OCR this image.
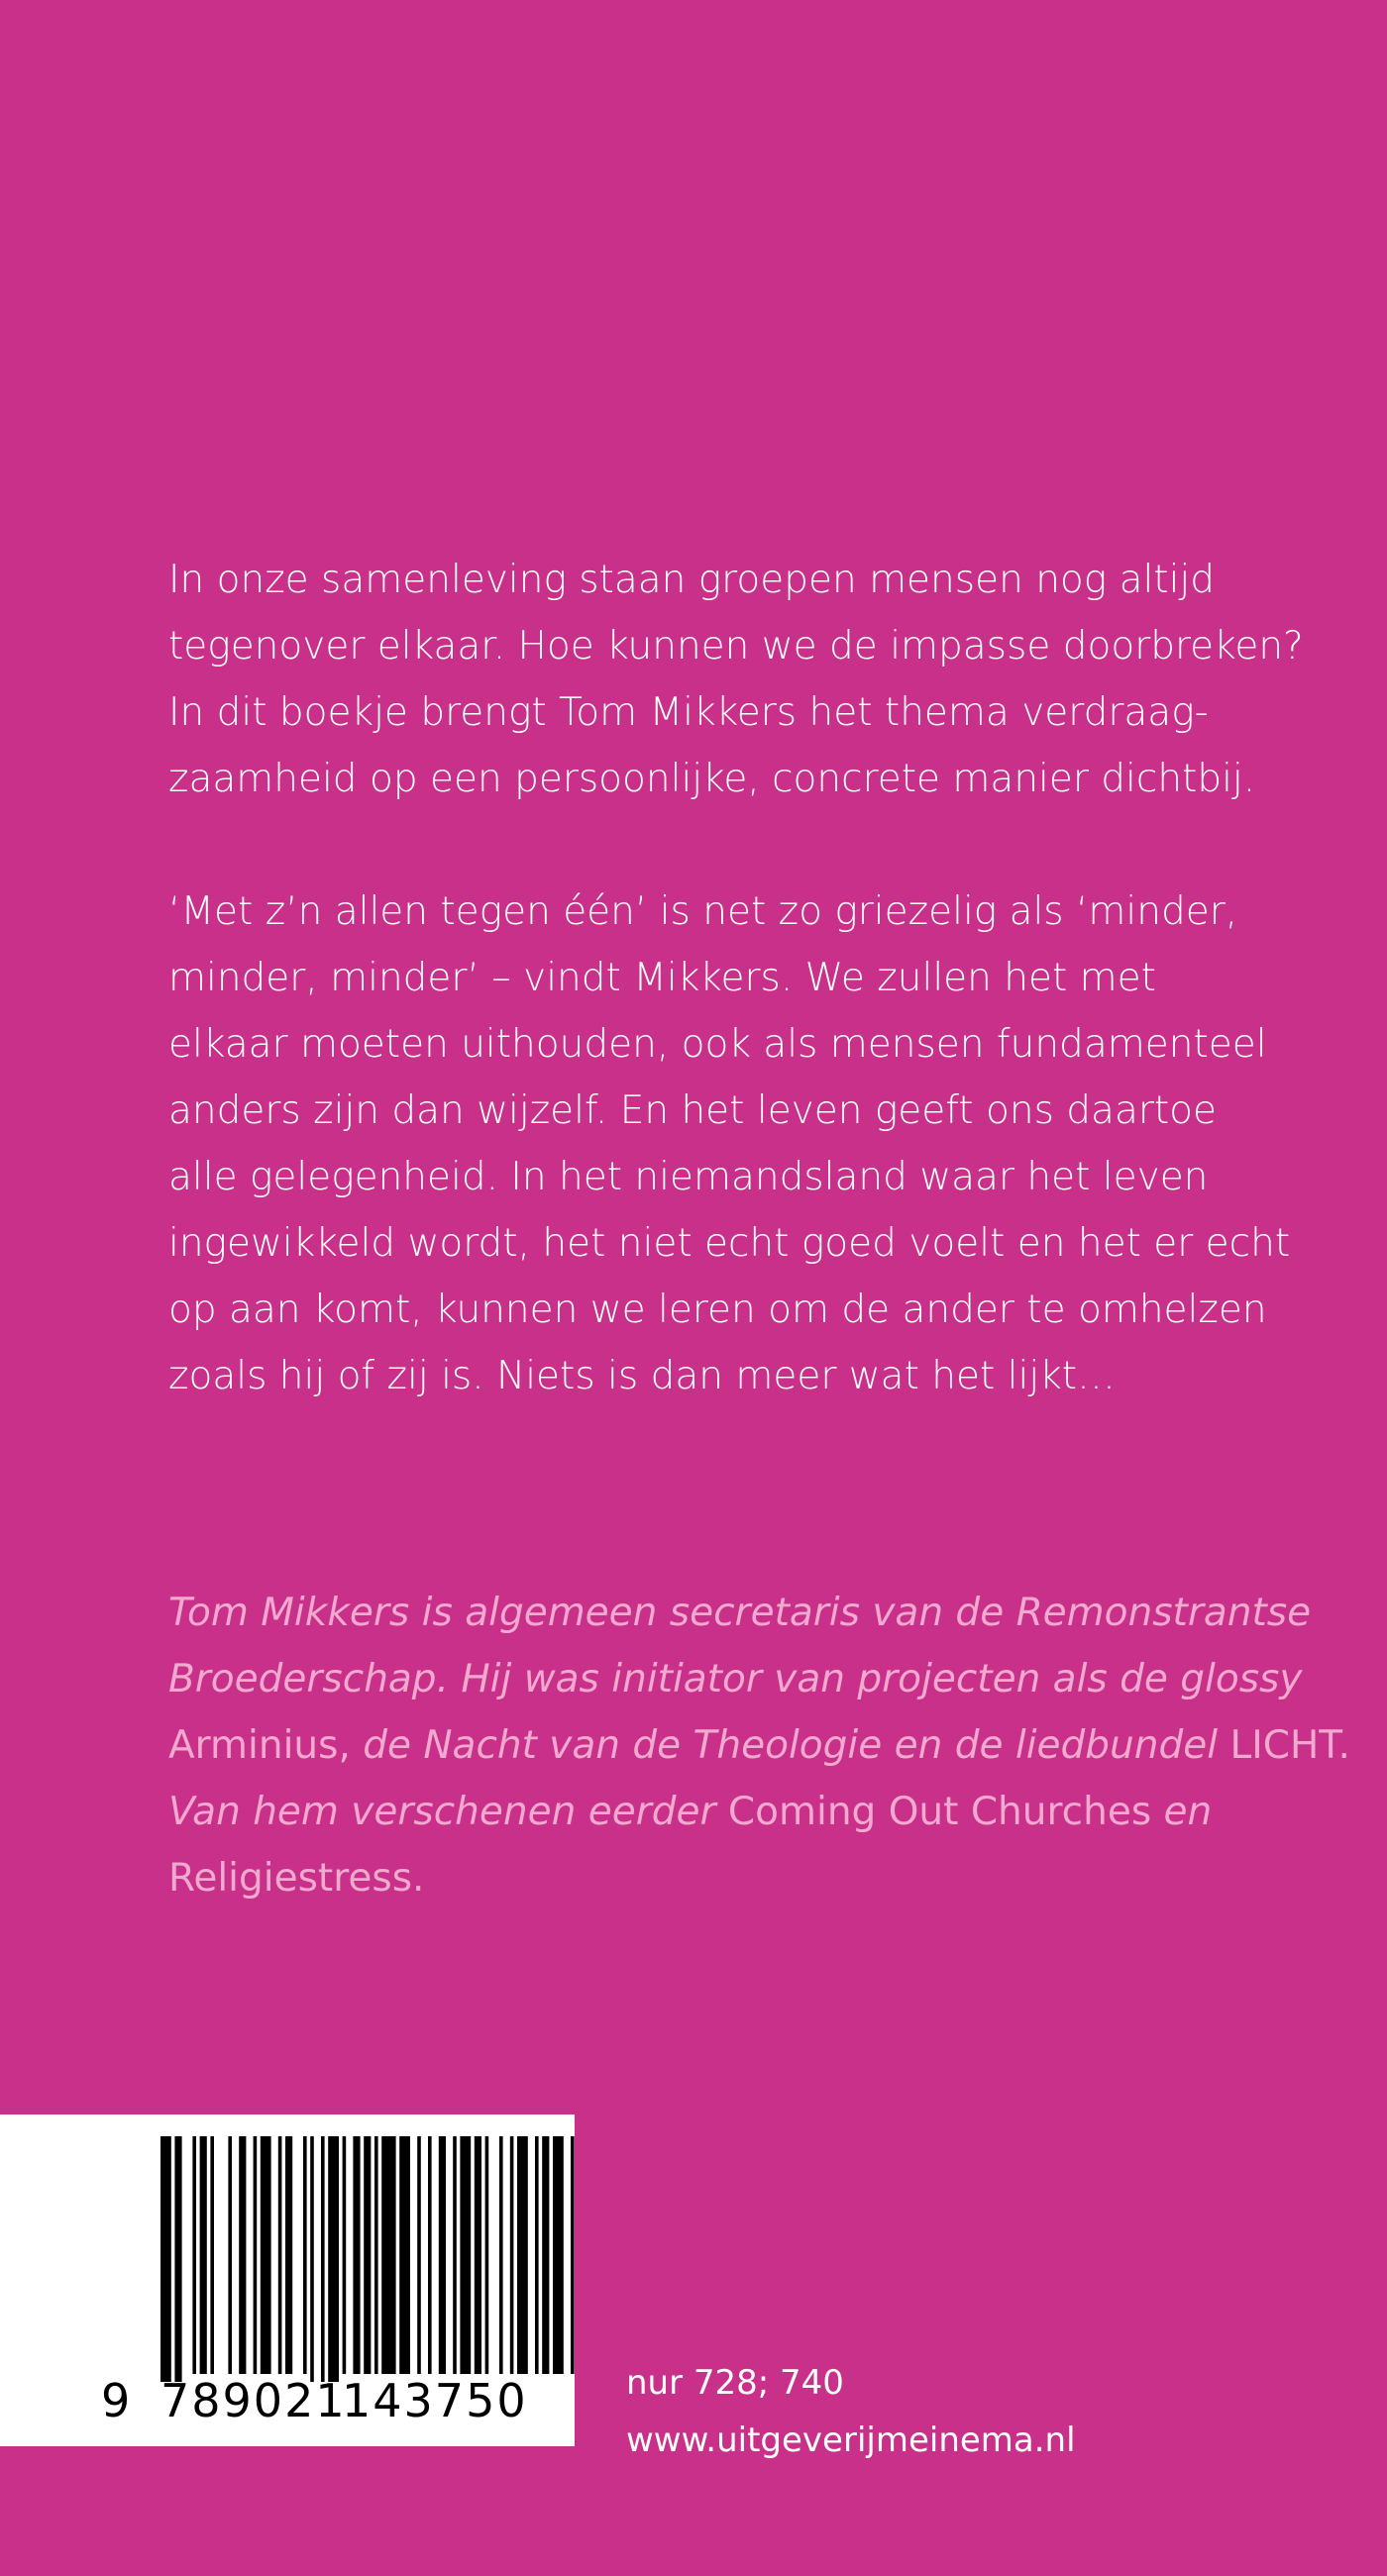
In onze samenleving staan groepen mensen nog altijd
tegenover elkaar. Hoe kunnen we de impasse doorbreken?
In dit boekje brengt Tom Mikkers het thema verdraag-
zaamheid op een persoonlijke, concrete manier dichtbij.

‘Met z’n allen tegen één’ is net zo griezelig als ‘minder,
minder, minder’ – vindt Mikkers. We zullen het met
elkaar moeten uithouden, ook als mensen fundamenteel
anders zijn dan wijzelf. En het leven geeft ons daartoe
alle gelegenheid. In het niemandsland waar het leven
ingewikkeld wordt, het niet echt goed voelt en het er echt
op aan komt, kunnen we leren om de ander te omhelzen
zoals hij of zij is. Niets is dan meer wat het lijkt…

Tom Mikkers is algemeen secretaris van de Remonstrantse
Broederschap. Hij was initiator van projecten als de glossy
Arminius, de Nacht van de Theologie en de liedbundel LICHT.
Van hem verschenen eerder Coming Out Churches en
Religiestress.
9 789021
143750	nur 728; 740
www.uitgeverijmeinema.nl
